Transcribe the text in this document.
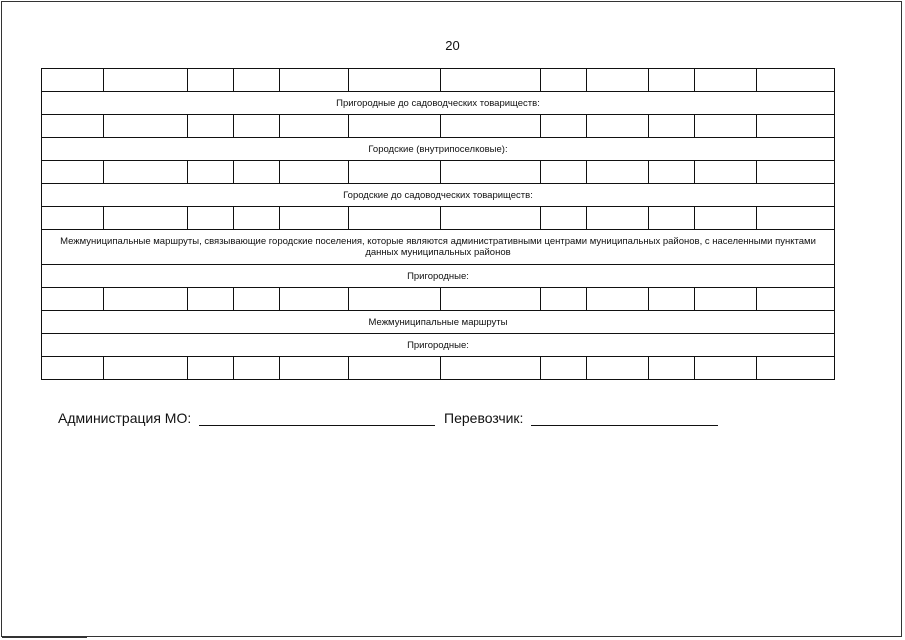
20

Пригородные до садоводческих товариществ:											

Городские (внутрипоселковые):											

Городские до садоводческих товариществ:											

Межмуниципальные маршруты, связывающие городские поселения, которые являются административными центрами муниципальных районов, с населенными пунктами данных муниципальных районов											
Пригородные:											

Межмуниципальные маршруты											
Пригородные:											

Администрация МО:	Перевозчик:
